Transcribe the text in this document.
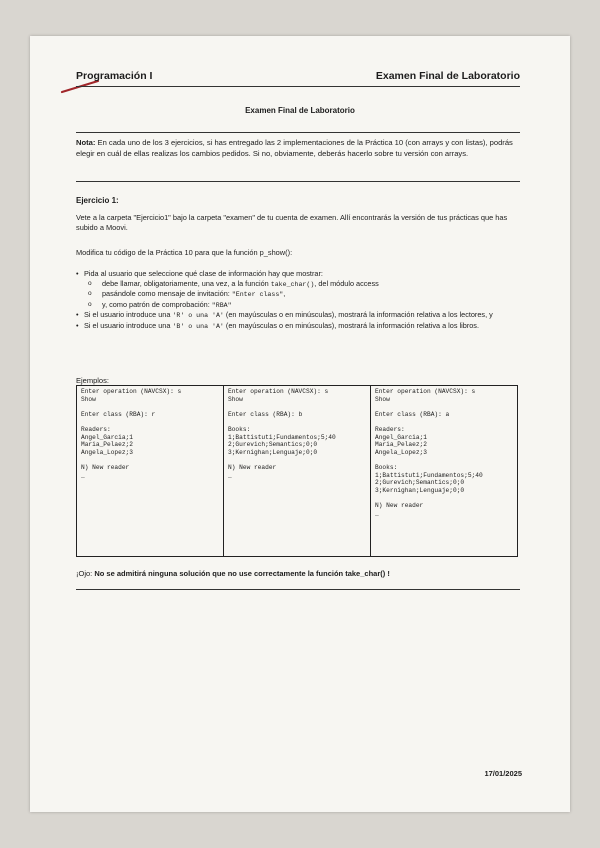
Programación I	Examen Final de Laboratorio
Examen Final de Laboratorio
Nota: En cada uno de los 3 ejercicios, si has entregado las 2 implementaciones de la Práctica 10 (con arrays y con listas), podrás elegir en cuál de ellas realizas los cambios pedidos. Si no, obviamente, deberás hacerlo sobre tu versión con arrays.
Ejercicio 1:
Vete a la carpeta "Ejercicio1" bajo la carpeta "examen" de tu cuenta de examen. Allí encontrarás la versión de tus prácticas que has subido a Moovi.
Modifica tu código de la Práctica 10 para que la función p_show():
• Pida al usuario que seleccione qué clase de información hay que mostrar:
o debe llamar, obligatoriamente, una vez, a la función take_char(), del módulo access
o pasándole como mensaje de invitación: "Enter class",
o y, como patrón de comprobación: "RBA"
• Si el usuario introduce una 'R' o una 'A' (en mayúsculas o en minúsculas), mostrará la información relativa a los lectores, y
• Si el usuario introduce una 'B' o una 'A' (en mayúsculas o en minúsculas), mostrará la información relativa a los libros.
Ejemplos:
Enter operation (NAVCSX): s
Show

Enter class (RBA): r

Readers:
Angel_Garcia;1
Maria_Pelaez;2
Angela_Lopez;3

N) New reader
_
Enter operation (NAVCSX): s
Show

Enter class (RBA): b

Books:
1;Battistuti;Fundamentos;5;40
2;Gurevich;Semantics;0;0
3;Kernighan;Lenguaje;0;0

N) New reader
_
Enter operation (NAVCSX): s
Show

Enter class (RBA): a

Readers:
Angel_Garcia;1
Maria_Pelaez;2
Angela_Lopez;3

Books:
1;Battistuti;Fundamentos;5;40
2;Gurevich;Semantics;0;0
3;Kernighan;Lenguaje;0;0

N) New reader
_
¡Ojo: No se admitirá ninguna solución que no use correctamente la función take_char() !
17/01/2025
